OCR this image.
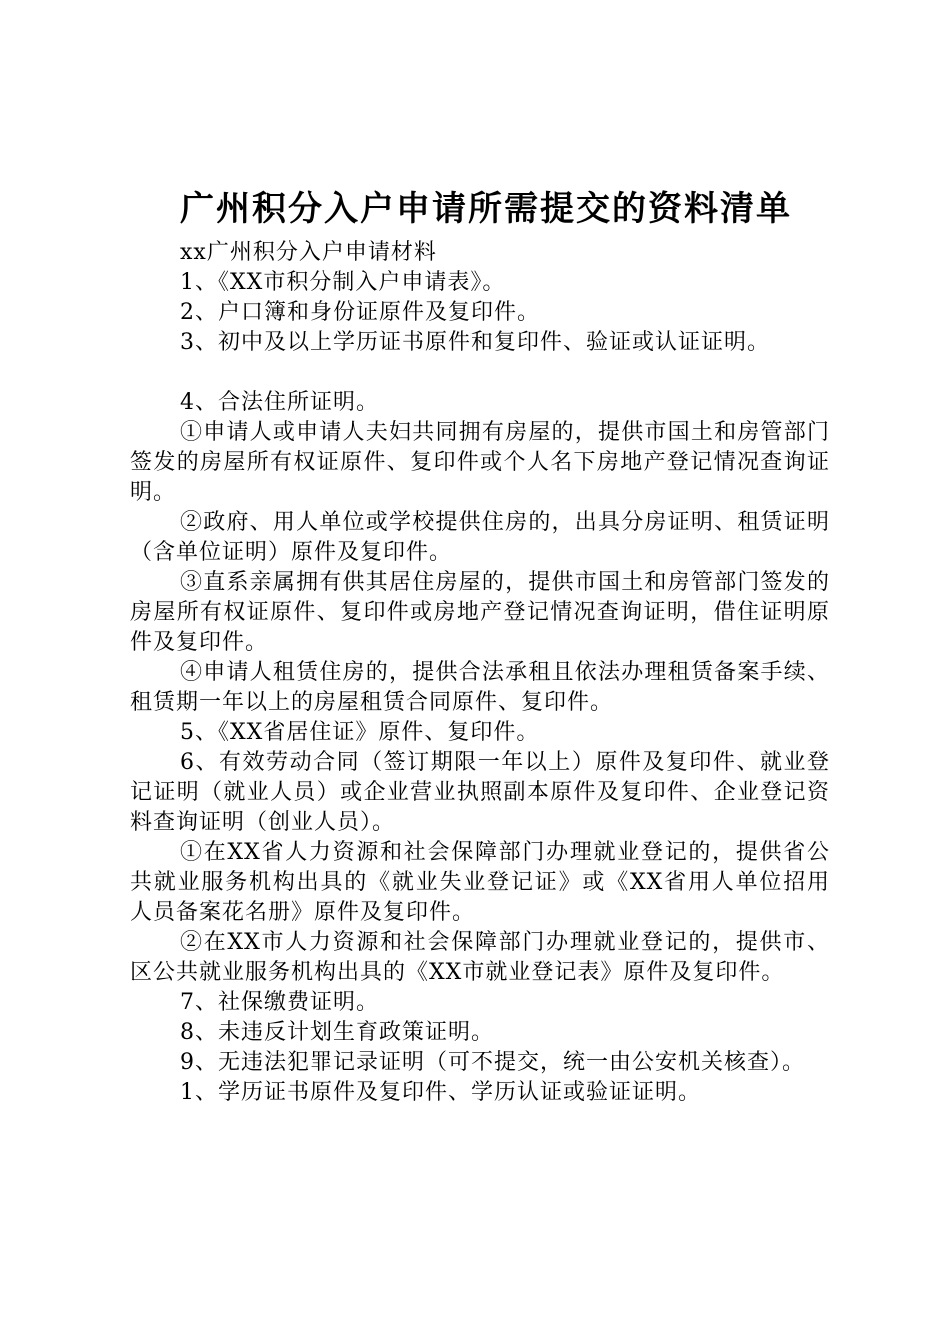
广州积分入户申请所需提交的资料清单

xx广州积分入户申请材料

1、《XX市积分制入户申请表》。

2、户口簿和身份证原件及复印件。

3、初中及以上学历证书原件和复印件、验证或认证证明。

4、合法住所证明。

①申请人或申请人夫妇共同拥有房屋的，提供市国土和房管部门签发的房屋所有权证原件、复印件或个人名下房地产登记情况查询证明。

②政府、用人单位或学校提供住房的，出具分房证明、租赁证明（含单位证明）原件及复印件。

③直系亲属拥有供其居住房屋的，提供市国土和房管部门签发的房屋所有权证原件、复印件或房地产登记情况查询证明，借住证明原件及复印件。

④申请人租赁住房的，提供合法承租且依法办理租赁备案手续、租赁期一年以上的房屋租赁合同原件、复印件。

5、《XX省居住证》原件、复印件。

6、有效劳动合同（签订期限一年以上）原件及复印件、就业登记证明（就业人员）或企业营业执照副本原件及复印件、企业登记资料查询证明（创业人员）。

①在XX省人力资源和社会保障部门办理就业登记的，提供省公共就业服务机构出具的《就业失业登记证》或《XX省用人单位招用人员备案花名册》原件及复印件。

②在XX市人力资源和社会保障部门办理就业登记的，提供市、区公共就业服务机构出具的《XX市就业登记表》原件及复印件。

7、社保缴费证明。

8、未违反计划生育政策证明。

9、无违法犯罪记录证明（可不提交，统一由公安机关核查）。

1、学历证书原件及复印件、学历认证或验证证明。
